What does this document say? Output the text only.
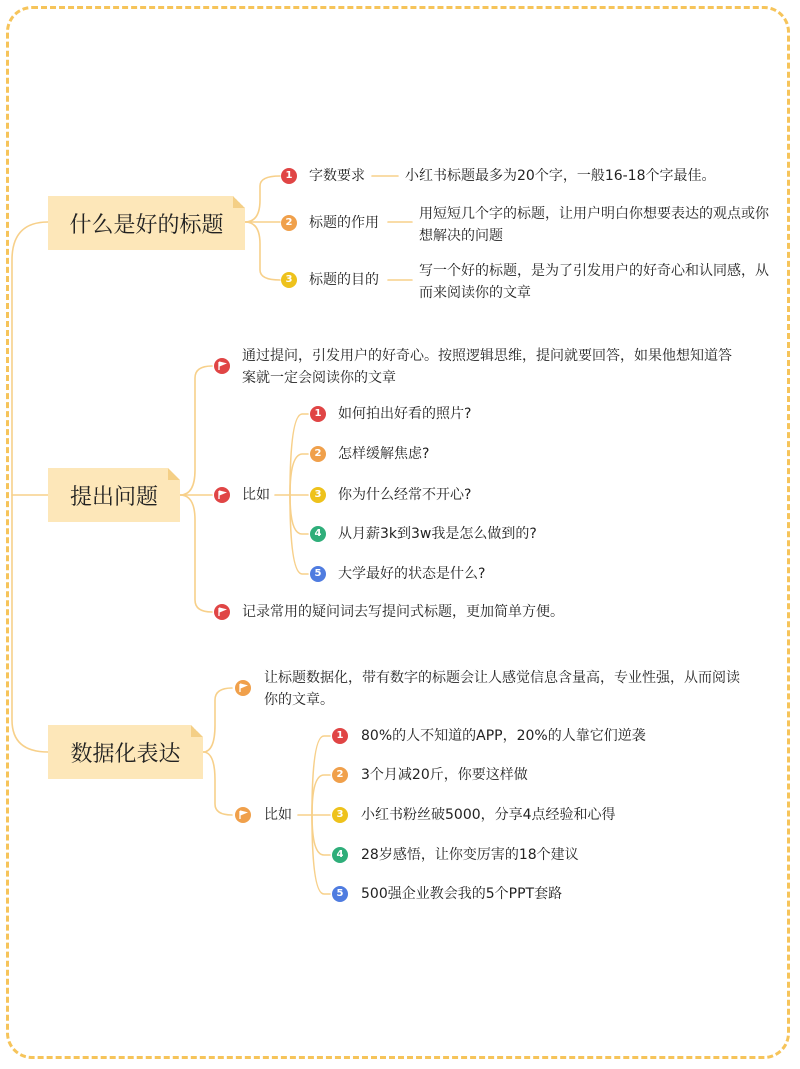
什么是好的标题
1 字数要求	小红书标题最多为20个字，一般16-18个字最佳。
2 标题的作用
用短短几个字的标题，让用户明白你想要表达的观点或你想解决的问题
3 标题的目的
写一个好的标题，是为了引发用户的好奇心和认同感，从而来阅读你的文章
提出问题
通过提问，引发用户的好奇心。按照逻辑思维，提问就要回答，如果他想知道答案就一定会阅读你的文章
比如
1 如何拍出好看的照片?
2 怎样缓解焦虑?
3 你为什么经常不开心?
4 从月薪3k到3w我是怎么做到的?
5 大学最好的状态是什么?
记录常用的疑问词去写提问式标题，更加简单方便。
数据化表达
让标题数据化，带有数字的标题会让人感觉信息含量高，专业性强，从而阅读你的文章。
比如
1 80%的人不知道的APP，20%的人靠它们逆袭
2 3个月减20斤，你要这样做
3 小红书粉丝破5000，分享4点经验和心得
4 28岁感悟，让你变厉害的18个建议
5 500强企业教会我的5个PPT套路
